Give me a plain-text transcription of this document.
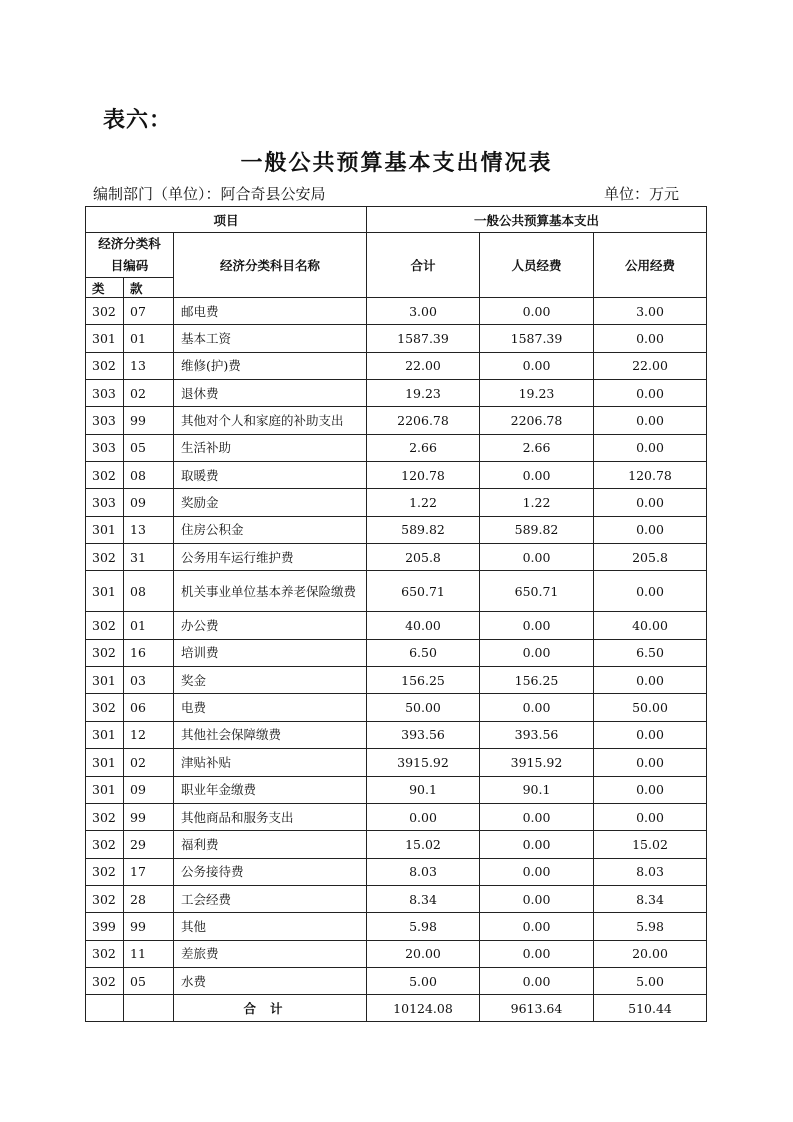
表六：
一般公共预算基本支出情况表
编制部门（单位）：阿合奇县公安局	单位：万元
项目			一般公共预算基本支出		

经济分类科
目编码		经济分类科目名称	合计	人员经费	公用经费
类	款				
302	07	邮电费	3.00	0.00	3.00
301	01	基本工资	1587.39	1587.39	0.00
302	13	维修(护)费	22.00	0.00	22.00
303	02	退休费	19.23	19.23	0.00
303	99	其他对个人和家庭的补助支出	2206.78	2206.78	0.00
303	05	生活补助	2.66	2.66	0.00
302	08	取暖费	120.78	0.00	120.78
303	09	奖励金	1.22	1.22	0.00
301	13	住房公积金	589.82	589.82	0.00
302	31	公务用车运行维护费	205.8	0.00	205.8
301	08	机关事业单位基本养老保险缴费	650.71	650.71	0.00
302	01	办公费	40.00	0.00	40.00
302	16	培训费	6.50	0.00	6.50
301	03	奖金	156.25	156.25	0.00
302	06	电费	50.00	0.00	50.00
301	12	其他社会保障缴费	393.56	393.56	0.00
301	02	津贴补贴	3915.92	3915.92	0.00
301	09	职业年金缴费	90.1	90.1	0.00
302	99	其他商品和服务支出	0.00	0.00	0.00
302	29	福利费	15.02	0.00	15.02
302	17	公务接待费	8.03	0.00	8.03
302	28	工会经费	8.34	0.00	8.34
399	99	其他	5.98	0.00	5.98
302	11	差旅费	20.00	0.00	20.00
302	05	水费	5.00	0.00	5.00
		合计	10124.08	9613.64	510.44
